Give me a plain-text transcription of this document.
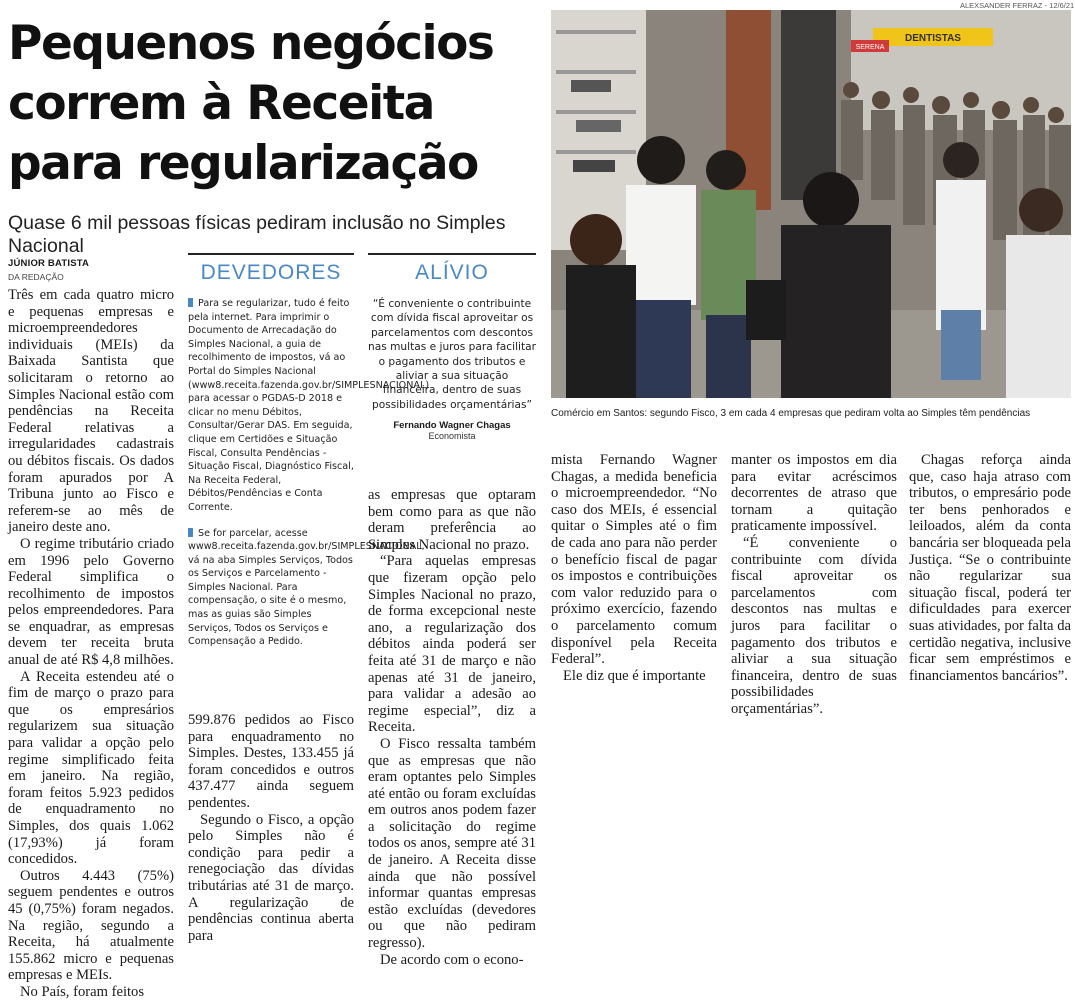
Pequenos negócios correm à Receita para regularização

Quase 6 mil pessoas físicas pediram inclusão no Simples Nacional

JÚNIOR BATISTA
DA REDAÇÃO

Três em cada quatro micro e pequenas empresas e microempreendedores individuais (MEIs) da Baixada Santista que solicitaram o retorno ao Simples Nacional estão com pendências na Receita Federal relativas a irregularidades cadastrais ou débitos fiscais. Os dados foram apurados por A Tribuna junto ao Fisco e referem-se ao mês de janeiro deste ano.

O regime tributário criado em 1996 pelo Governo Federal simplifica o recolhimento de impostos pelos empreendedores. Para se enquadrar, as empresas devem ter receita bruta anual de até R$ 4,8 milhões.

A Receita estendeu até o fim de março o prazo para que os empresários regularizem sua situação para validar a opção pelo regime simplificado feita em janeiro. Na região, foram feitos 5.923 pedidos de enquadramento no Simples, dos quais 1.062 (17,93%) já foram concedidos.

Outros 4.443 (75%) seguem pendentes e outros 45 (0,75%) foram negados. Na região, segundo a Receita, há atualmente 155.862 micro e pequenas empresas e MEIs.

No País, foram feitos

DEVEDORES

Para se regularizar, tudo é feito pela internet. Para imprimir o Documento de Arrecadação do Simples Nacional, a guia de recolhimento de impostos, vá ao Portal do Simples Nacional (www8.receita.fazenda.gov.br/SIMPLESNACIONAL) para acessar o PGDAS-D 2018 e clicar no menu Débitos, Consultar/Gerar DAS. Em seguida, clique em Certidões e Situação Fiscal, Consulta Pendências - Situação Fiscal, Diagnóstico Fiscal, Na Receita Federal, Débitos/Pendências e Conta Corrente.

Se for parcelar, acesse www8.receita.fazenda.gov.br/SIMPLESNACIONAL, vá na aba Simples Serviços, Todos os Serviços e Parcelamento - Simples Nacional. Para compensação, o site é o mesmo, mas as guias são Simples Serviços, Todos os Serviços e Compensação a Pedido.

599.876 pedidos ao Fisco para enquadramento no Simples. Destes, 133.455 já foram concedidos e outros 437.477 ainda seguem pendentes.

Segundo o Fisco, a opção pelo Simples não é condição para pedir a renegociação das dívidas tributárias até 31 de março. A regularização de pendências continua aberta para

ALÍVIO
“É conveniente o contribuinte com dívida fiscal aproveitar os parcelamentos com descontos nas multas e juros para facilitar o pagamento dos tributos e aliviar a sua situação financeira, dentro de suas possibilidades orçamentárias”
Fernando Wagner Chagas
Economista

as empresas que optaram bem como para as que não deram preferência ao Simples Nacional no prazo.

“Para aquelas empresas que fizeram opção pelo Simples Nacional no prazo, de forma excepcional neste ano, a regularização dos débitos ainda poderá ser feita até 31 de março e não apenas até 31 de janeiro, para validar a adesão ao regime especial”, diz a Receita.

O Fisco ressalta também que as empresas que não eram optantes pelo Simples até então ou foram excluídas em outros anos podem fazer a solicitação do regime todos os anos, sempre até 31 de janeiro. A Receita disse ainda que não possível informar quantas empresas estão excluídas (devedores ou que não pediram regresso).

De acordo com o econo-

ALEXSANDER FERRAZ - 12/6/21
DENTISTAS
SERENA
Comércio em Santos: segundo Fisco, 3 em cada 4 empresas que pediram volta ao Simples têm pendências

mista Fernando Wagner Chagas, a medida beneficia o microempreendedor. “No caso dos MEIs, é essencial quitar o Simples até o fim de cada ano para não perder o benefício fiscal de pagar os impostos e contribuições com valor reduzido para o próximo exercício, fazendo o parcelamento comum disponível pela Receita Federal”.

Ele diz que é importante

manter os impostos em dia para evitar acréscimos decorrentes de atraso que tornam a quitação praticamente impossível.

“É conveniente o contribuinte com dívida fiscal aproveitar os parcelamentos com descontos nas multas e juros para facilitar o pagamento dos tributos e aliviar a sua situação financeira, dentro de suas possibilidades orçamentárias”.

Chagas reforça ainda que, caso haja atraso com tributos, o empresário pode ter bens penhorados e leiloados, além da conta bancária ser bloqueada pela Justiça. “Se o contribuinte não regularizar sua situação fiscal, poderá ter dificuldades para exercer suas atividades, por falta da certidão negativa, inclusive ficar sem empréstimos e financiamentos bancários”.
